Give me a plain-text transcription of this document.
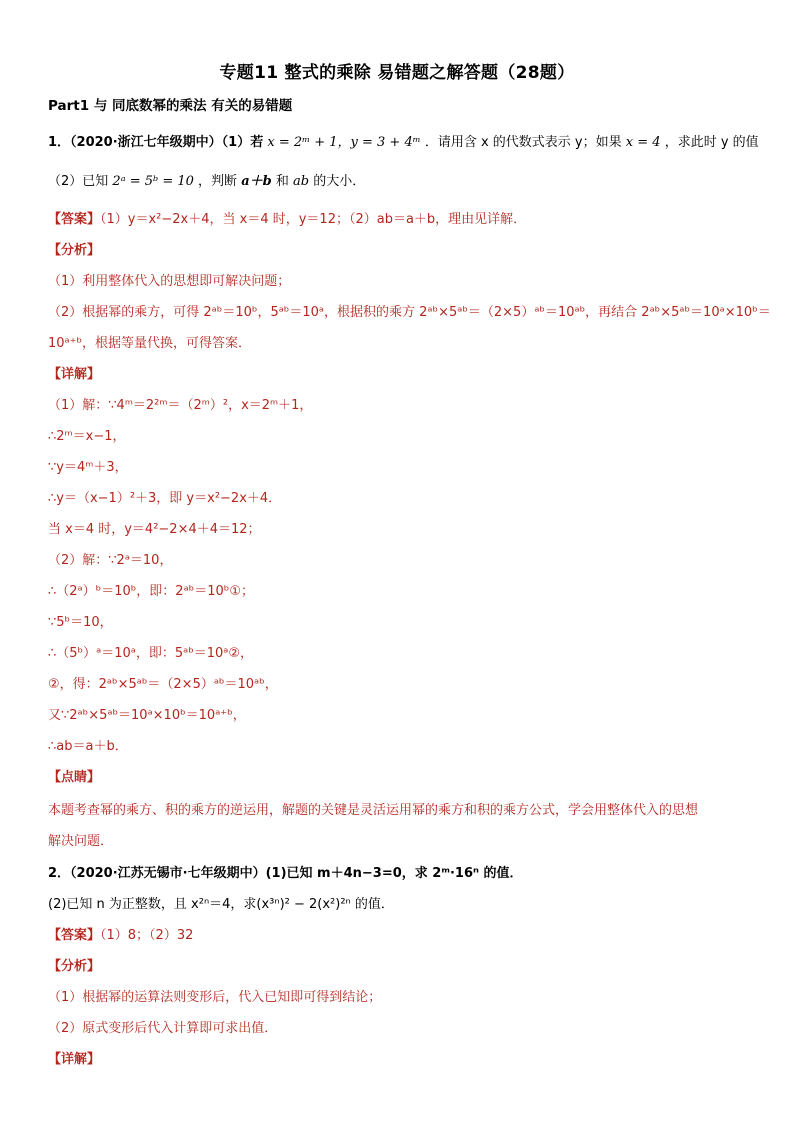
专题11 整式的乘除 易错题之解答题（28题）
Part1 与 同底数幂的乘法 有关的易错题
1．（2020·浙江七年级期中）（1）若 x = 2ᵐ + 1，y = 3 + 4ᵐ ．请用含 x 的代数式表示 y；如果 x = 4 ，求此时 y 的值
（2）已知 2ᵃ = 5ᵇ = 10 ，判断 a＋b 和 ab 的大小．
【答案】（1）y＝x²−2x＋4，当 x＝4 时，y＝12；（2）ab＝a＋b，理由见详解．
【分析】
（1）利用整体代入的思想即可解决问题；
（2）根据幂的乘方，可得 2ᵃᵇ＝10ᵇ，5ᵃᵇ＝10ᵃ，根据积的乘方 2ᵃᵇ×5ᵃᵇ＝（2×5）ᵃᵇ＝10ᵃᵇ，再结合 2ᵃᵇ×5ᵃᵇ＝10ᵃ×10ᵇ＝
10ᵃ⁺ᵇ，根据等量代换，可得答案．
【详解】
（1）解：∵4ᵐ＝2²ᵐ＝（2ᵐ）²，x＝2ᵐ＋1，
∴2ᵐ＝x−1，
∵y＝4ᵐ＋3，
∴y＝（x−1）²＋3，即 y＝x²−2x＋4．
当 x＝4 时，y＝4²−2×4＋4＝12；
（2）解：∵2ᵃ＝10，
∴（2ᵃ）ᵇ＝10ᵇ，即：2ᵃᵇ＝10ᵇ①；
∵5ᵇ＝10，
∴（5ᵇ）ᵃ＝10ᵃ，即：5ᵃᵇ＝10ᵃ②，
②，得：2ᵃᵇ×5ᵃᵇ＝（2×5）ᵃᵇ＝10ᵃᵇ，
又∵2ᵃᵇ×5ᵃᵇ＝10ᵃ×10ᵇ＝10ᵃ⁺ᵇ，
∴ab＝a＋b．
【点睛】
本题考查幂的乘方、积的乘方的逆运用，解题的关键是灵活运用幂的乘方和积的乘方公式，学会用整体代入的思想
解决问题．
2．（2020·江苏无锡市·七年级期中）(1)已知 m＋4n−3=0，求 2ᵐ·16ⁿ 的值．
(2)已知 n 为正整数，且 x²ⁿ＝4，求(x³ⁿ)² − 2(x²)²ⁿ 的值．
【答案】（1）8；（2）32
【分析】
（1）根据幂的运算法则变形后，代入已知即可得到结论；
（2）原式变形后代入计算即可求出值．
【详解】
